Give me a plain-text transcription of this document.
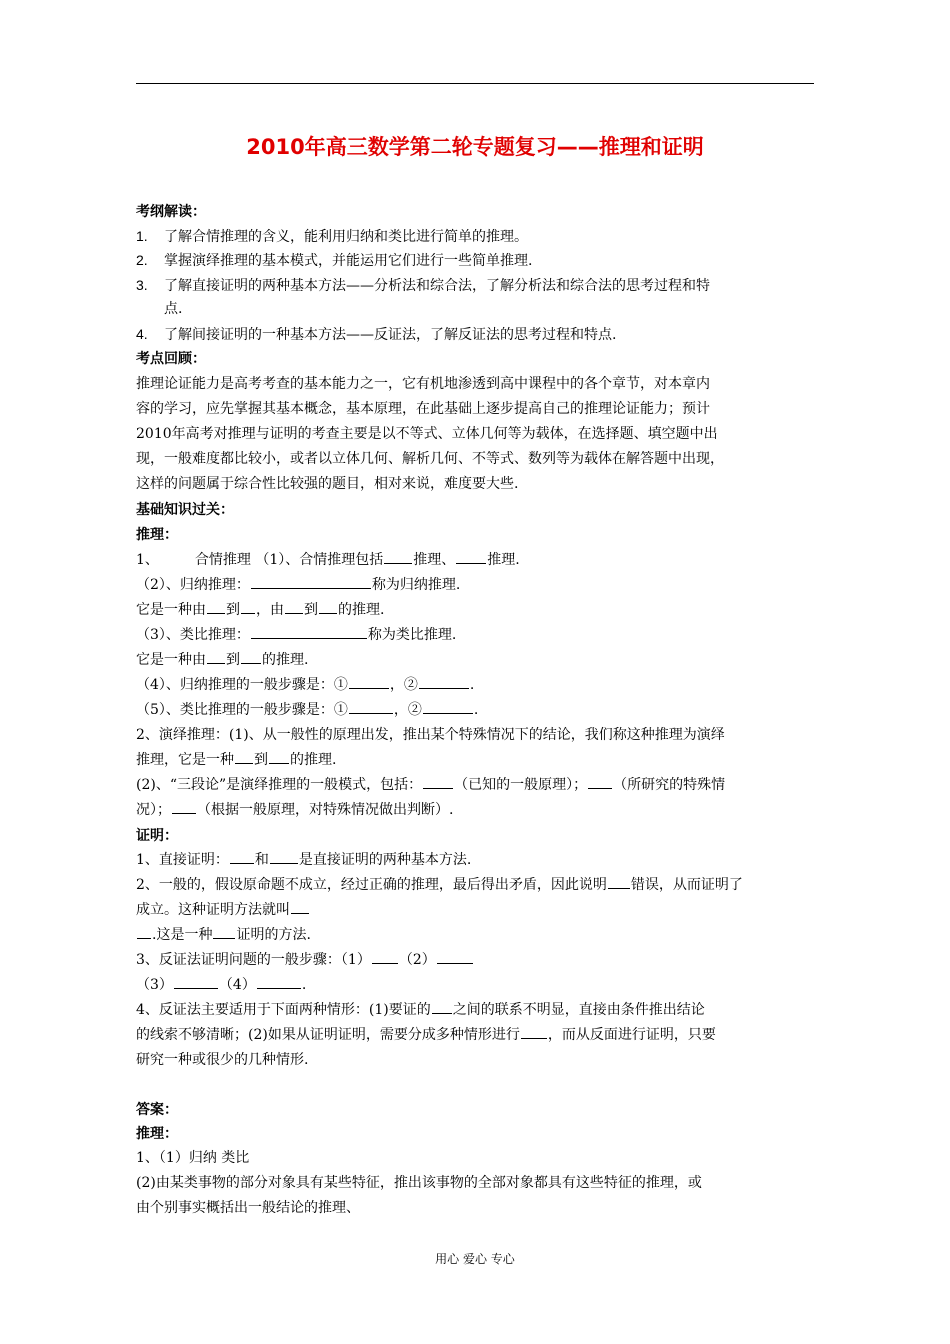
2010年高三数学第二轮专题复习——推理和证明
考纲解读：
1. 了解合情推理的含义，能利用归纳和类比进行简单的推理。
2. 掌握演绎推理的基本模式，并能运用它们进行一些简单推理.
3. 了解直接证明的两种基本方法——分析法和综合法，了解分析法和综合法的思考过程和特
点.
4. 了解间接证明的一种基本方法——反证法，了解反证法的思考过程和特点.
考点回顾：
推理论证能力是高考考查的基本能力之一，它有机地渗透到高中课程中的各个章节，对本章内
容的学习，应先掌握其基本概念，基本原理，在此基础上逐步提高自己的推理论证能力；预计
2010年高考对推理与证明的考查主要是以不等式、立体几何等为载体，在选择题、填空题中出
现，一般难度都比较小，或者以立体几何、解析几何、不等式、数列等为载体在解答题中出现，
这样的问题属于综合性比较强的题目，相对来说，难度要大些.
基础知识过关：
推理：
1、	合情推理 （1）、合情推理包括 推理、 推理.
（2）、归纳推理：	称为归纳推理.
它是一种由 到 ，由 到 的推理.
（3）、类比推理：	称为类比推理.
它是一种由 到 的推理.
（4）、归纳推理的一般步骤是：①	，②	.
（5）、类比推理的一般步骤是：①	，②	.
2、演绎推理：(1)、从一般性的原理出发，推出某个特殊情况下的结论，我们称这种推理为演绎
推理，它是一种 到 的推理.
(2)、“三段论”是演绎推理的一般模式，包括： （已知的一般原理）； （所研究的特殊情
况）； （根据一般原理，对特殊情况做出判断）.
证明：
1、直接证明： 和 是直接证明的两种基本方法.
2、一般的，假设原命题不成立，经过正确的推理，最后得出矛盾，因此说明 错误，从而证明了
成立。这种证明方法就叫
.这是一种 证明的方法.
3、反证法证明问题的一般步骤：（1） （2）
（3）	（4）	.
4、反证法主要适用于下面两种情形：(1)要证的 之间的联系不明显，直接由条件推出结论
的线索不够清晰；(2)如果从证明证明，需要分成多种情形进行 ，而从反面进行证明，只要
研究一种或很少的几种情形.
答案：
推理：
1、（1）归纳 类比
(2)由某类事物的部分对象具有某些特征，推出该事物的全部对象都具有这些特征的推理，或
由个别事实概括出一般结论的推理、
用心 爱心 专心
